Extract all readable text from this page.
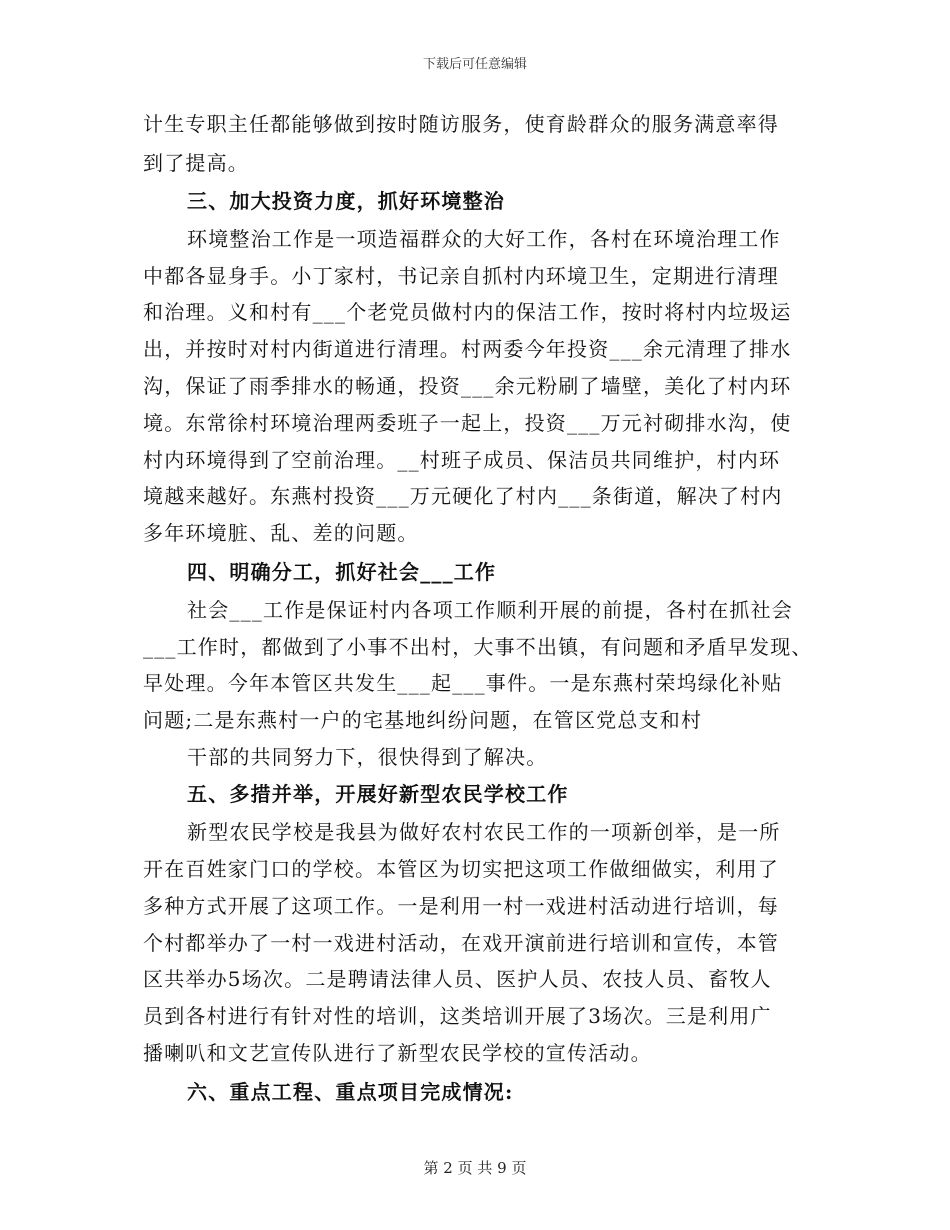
下载后可任意编辑
计生专职主任都能够做到按时随访服务，使育龄群众的服务满意率得
到了提高。
三、加大投资力度，抓好环境整治
环境整治工作是一项造福群众的大好工作，各村在环境治理工作
中都各显身手。小丁家村，书记亲自抓村内环境卫生，定期进行清理
和治理。义和村有___个老党员做村内的保洁工作，按时将村内垃圾运
出，并按时对村内街道进行清理。村两委今年投资___余元清理了排水
沟，保证了雨季排水的畅通，投资___余元粉刷了墙壁，美化了村内环
境。东常徐村环境治理两委班子一起上，投资___万元衬砌排水沟，使
村内环境得到了空前治理。__村班子成员、保洁员共同维护，村内环
境越来越好。东燕村投资___万元硬化了村内___条街道，解决了村内
多年环境脏、乱、差的问题。
四、明确分工，抓好社会___工作
社会___工作是保证村内各项工作顺利开展的前提，各村在抓社会
___工作时，都做到了小事不出村，大事不出镇，有问题和矛盾早发现、
早处理。今年本管区共发生___起___事件。一是东燕村荣坞绿化补贴
问题;二是东燕村一户的宅基地纠纷问题，在管区党总支和村
干部的共同努力下，很快得到了解决。
五、多措并举，开展好新型农民学校工作
新型农民学校是我县为做好农村农民工作的一项新创举，是一所
开在百姓家门口的学校。本管区为切实把这项工作做细做实，利用了
多种方式开展了这项工作。一是利用一村一戏进村活动进行培训，每
个村都举办了一村一戏进村活动，在戏开演前进行培训和宣传，本管
区共举办5场次。二是聘请法律人员、医护人员、农技人员、畜牧人
员到各村进行有针对性的培训，这类培训开展了3场次。三是利用广
播喇叭和文艺宣传队进行了新型农民学校的宣传活动。
六、重点工程、重点项目完成情况:
第 2 页 共 9 页
